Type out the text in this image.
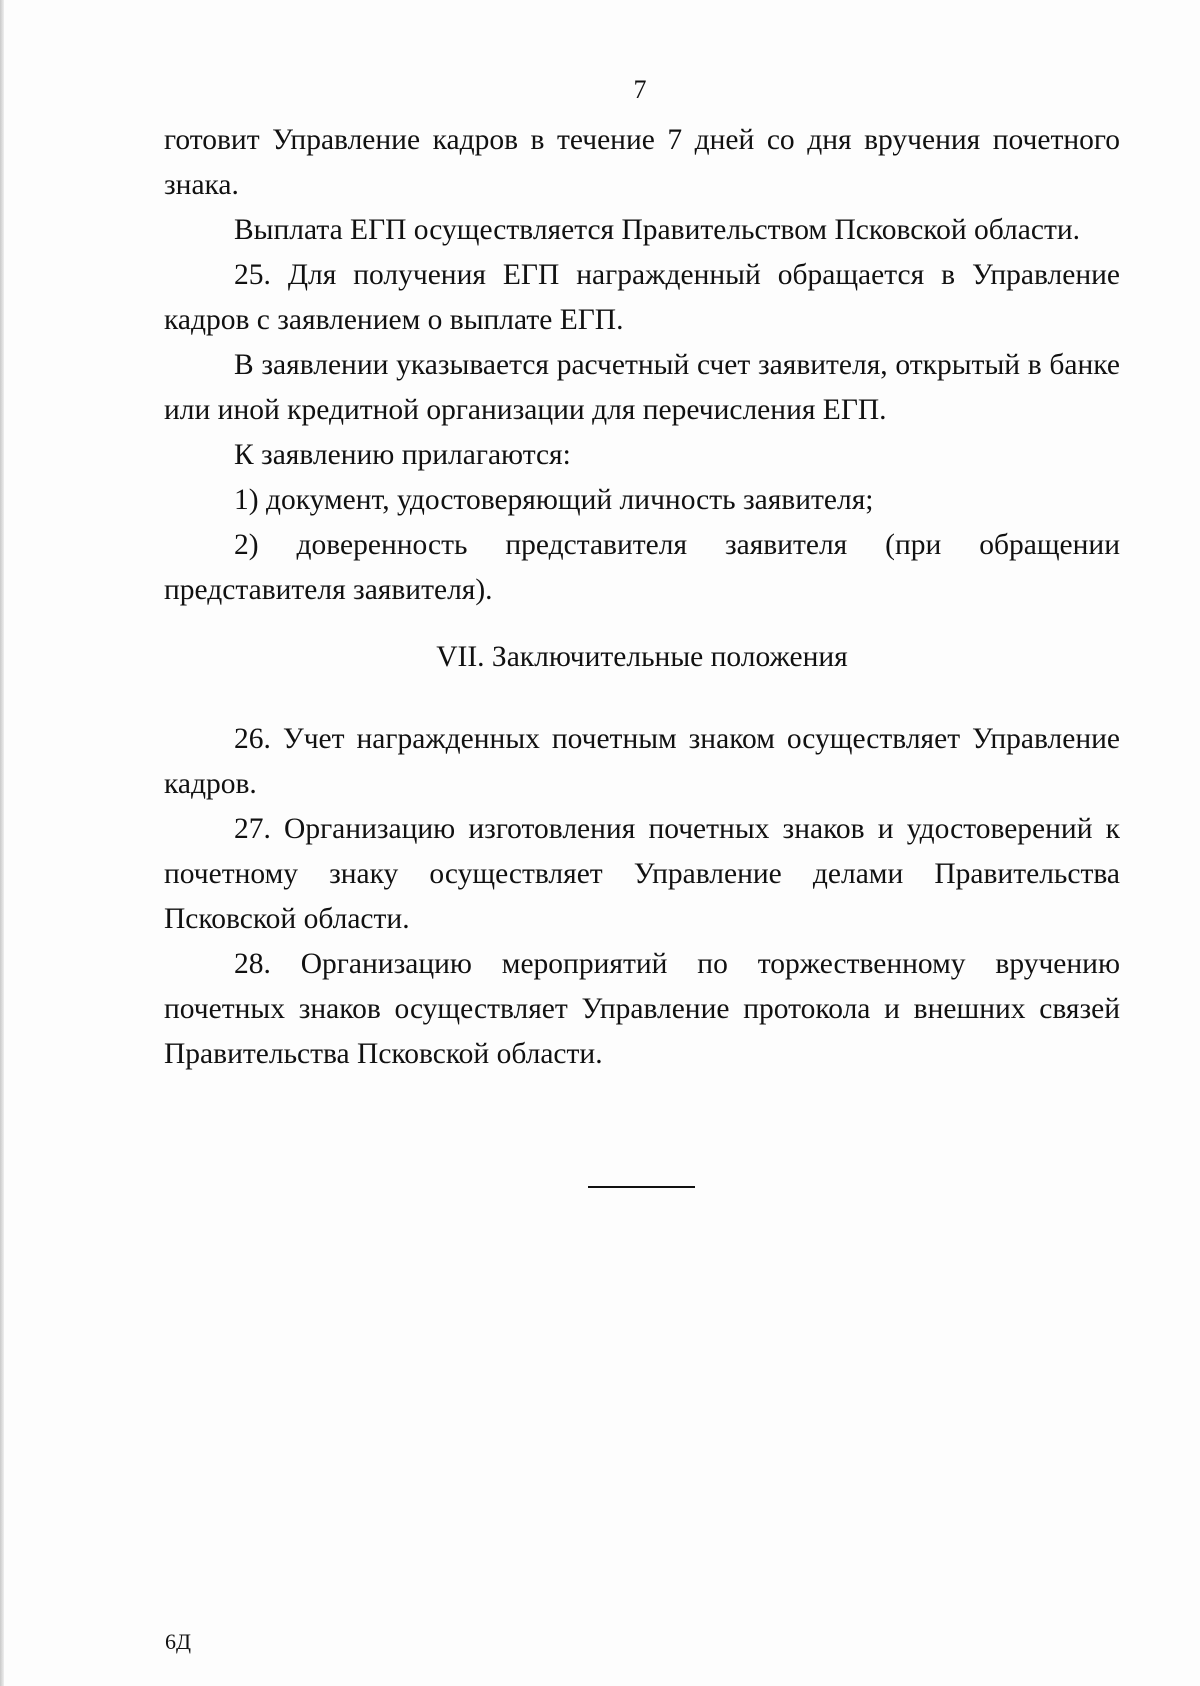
7

готовит Управление кадров в течение 7 дней со дня вручения почетного знака.

Выплата ЕГП осуществляется Правительством Псковской области.

25. Для получения ЕГП награжденный обращается в Управление кадров с заявлением о выплате ЕГП.

В заявлении указывается расчетный счет заявителя, открытый в банке или иной кредитной организации для перечисления ЕГП.

К заявлению прилагаются:

1) документ, удостоверяющий личность заявителя;

2) доверенность представителя заявителя (при обращении представителя заявителя).

VII. Заключительные положения

26. Учет награжденных почетным знаком осуществляет Управление кадров.

27. Организацию изготовления почетных знаков и удостоверений к почетному знаку осуществляет Управление делами Правительства Псковской области.

28. Организацию мероприятий по торжественному вручению почетных знаков осуществляет Управление протокола и внешних связей Правительства Псковской области.

6Д
